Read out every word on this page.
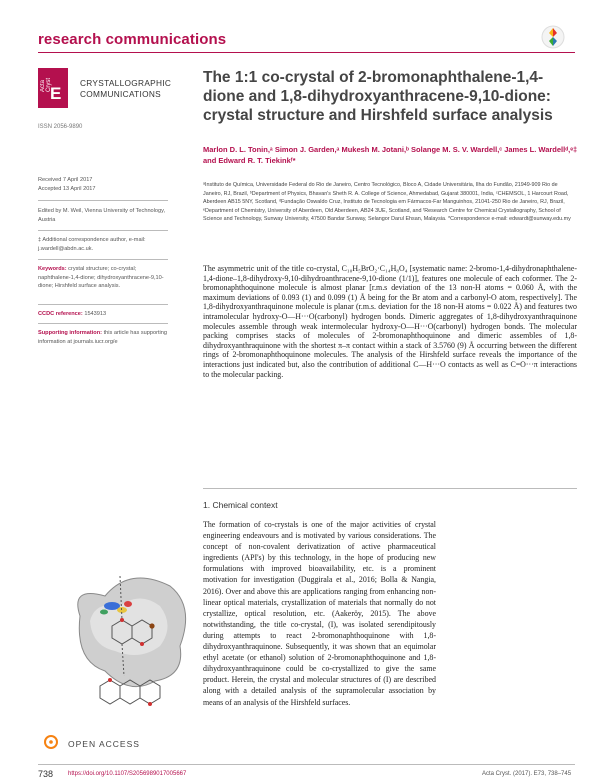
research communications
Acta Cryst
E
CRYSTALLOGRAPHIC COMMUNICATIONS
ISSN 2056-9890
The 1:1 co-crystal of 2-bromonaphthalene-1,4-dione and 1,8-dihydroxyanthracene-9,10-dione: crystal structure and Hirshfeld surface analysis
Marlon D. L. Tonin,ᵃ Simon J. Garden,ᵃ Mukesh M. Jotani,ᵇ Solange M. S. V. Wardell,ᶜ James L. Wardellᵈ,ᵉ‡ and Edward R. T. Tiekinkᶠ*
ᵃInstituto de Química, Universidade Federal do Rio de Janeiro, Centro Tecnológico, Bloco A, Cidade Universitária, Ilha do Fundão, 21949-909 Rio de Janeiro, RJ, Brazil, ᵇDepartment of Physics, Bhavan's Sheth R. A. College of Science, Ahmedabad, Gujarat 380001, India, ᶜCHEMSOL, 1 Harcourt Road, Aberdeen AB15 5NY, Scotland, ᵈFundação Oswaldo Cruz, Instituto de Tecnologia em Fármacos-Far Manguinhos, 21041-250 Rio de Janeiro, RJ, Brazil, ᵉDepartment of Chemistry, University of Aberdeen, Old Aberdeen, AB24 3UE, Scotland, and ᶠResearch Centre for Chemical Crystallography, School of Science and Technology, Sunway University, 47500 Bandar Sunway, Selangor Darul Ehsan, Malaysia. *Correspondence e-mail: edwardt@sunway.edu.my
Received 7 April 2017
Accepted 13 April 2017
Edited by M. Weil, Vienna University of Technology, Austria
‡ Additional correspondence author, e-mail: j.wardell@abdn.ac.uk.
Keywords: crystal structure; co-crystal; naphthalene-1,4-dione; dihydroxyanthracene-9,10-dione; Hirshfeld surface analysis.
CCDC reference: 1543913
Supporting information: this article has supporting information at journals.iucr.org/e
The asymmetric unit of the title co-crystal, C₁₀H₅BrO₂·C₁₄H₈O₄ [systematic name: 2-bromo-1,4-dihydronaphthalene-1,4-dione–1,8-dihydroxy-9,10-dihydroanthracene-9,10-dione (1/1)], features one molecule of each coformer. The 2-bromonaphthoquinone molecule is almost planar [r.m.s deviation of the 13 non-H atoms = 0.060 Å, with the maximum deviations of 0.093 (1) and 0.099 (1) Å being for the Br atom and a carbonyl-O atom, respectively]. The 1,8-dihydroxyanthraquinone molecule is planar (r.m.s. deviation for the 18 non-H atoms = 0.022 Å) and features two intramolecular hydroxy-O—H···O(carbonyl) hydrogen bonds. Dimeric aggregates of 1,8-dihydroxyanthraquinone molecules assemble through weak intermolecular hydroxy-O—H···O(carbonyl) hydrogen bonds. The molecular packing comprises stacks of molecules of 2-bromonaphthoquinone and dimeric assembles of 1,8-dihydroxyanthraquinone with the shortest π–π contact within a stack of 3.5760 (9) Å occurring between the different rings of 2-bromonaphthoquinone molecules. The analysis of the Hirshfeld surface reveals the importance of the interactions just indicated but, also the contribution of additional C—H···O contacts as well as C=O···π interactions to the molecular packing.
1. Chemical context
The formation of co-crystals is one of the major activities of crystal engineering endeavours and is motivated by various considerations. The concept of non-covalent derivatization of active pharmaceutical ingredients (API's) by this technology, in the hope of producing new formulations with improved bioavailability, etc. is a prominent motivation for investigation (Duggirala et al., 2016; Bolla & Nangia, 2016). Over and above this are applications ranging from enhancing non-linear optical materials, crystallization of materials that normally do not crystallize, optical resolution, etc. (Aakeröy, 2015). The above notwithstanding, the title co-crystal, (I), was isolated serendipitously during attempts to react 2-bromonaphthoquinone with 1,8-dihydroxyanthraquinone. Subsequently, it was shown that an equimolar ethyl acetate (or ethanol) solution of 2-bromonaphthoquinone and 1,8-dihydroxyanthraquinone could be co-crystallized to give the same product. Herein, the crystal and molecular structures of (I) are described along with a detailed analysis of the supramolecular association by means of an analysis of the Hirshfeld surfaces.
OPEN ACCESS
738 https://doi.org/10.1107/S2056989017005667	Acta Cryst. (2017). E73, 738–745
